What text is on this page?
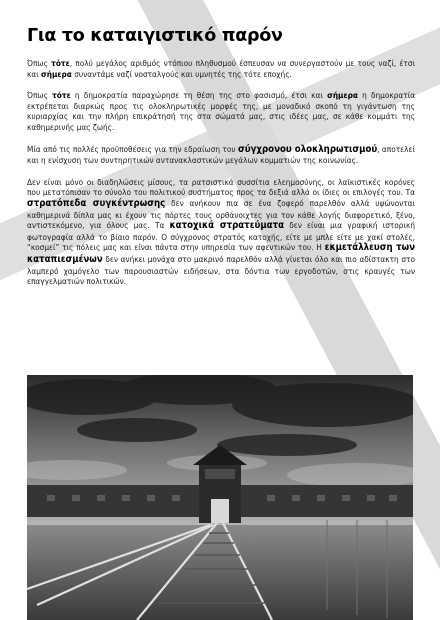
Για το καταιγιστικό παρόν

Όπως τότε, πολύ μεγάλος αριθμός ντόπιου πληθυσμού έσπευσαν να συνεργαστούν με τους ναζί, έτσι και σήμερα συναντάμε ναζί νοσταλγούς και υμνητές της τότε εποχής.

Όπως τότε η δημοκρατία παραχώρησε τη θέση της στο φασισμό, έτσι και σήμερα η δημοκρατία εκτρέπεται διαρκώς προς τις ολοκληρωτικές μορφές της, με μοναδικό σκοπό τη γιγάντωση της κυριαρχίας και την πλήρη επικράτησή της στα σώματά μας, στις ιδέες μας, σε κάθε κομμάτι της καθημερινής μας ζωής.

Μία από τις πολλές προϋποθέσεις για την εδραίωση του σύγχρονου ολοκληρωτισμού, αποτελεί και η ενίσχυση των συντηρητικών αντανακλαστικών μεγάλων κομματιών της κοινωνίας.

Δεν είναι μόνο οι διαδηλώσεις μίσους, τα ρατσιστικά συσσίτια ελεημοσύνης, οι λαϊκιστικές κορόνες που μετατόπισαν το σύνολο του πολιτικού συστήματος προς τα δεξιά αλλά οι ίδιες οι επιλογές του. Τα στρατόπεδα συγκέντρωσης δεν ανήκουν πια σε ένα ζοφερό παρελθόν αλλά υψώνονται καθημερινά δίπλα μας κι έχουν τις πόρτες τους ορθάνοιχτες για τον κάθε λογής διαφορετικό, ξένο, αντιστεκόμενο, για όλους μας. Τα κατοχικά στρατεύματα δεν είναι μια γραφική ιστορική φωτογραφία αλλά το βίαιο παρόν. Ο σύγχρονος στρατός κατοχής, είτε με μπλε είτε με χακί στολές, “κοσμεί” τις πόλεις μας και είναι πάντα στην υπηρεσία των αφεντικών του. Η εκμετάλλευση των καταπιεσμένων δεν ανήκει μονάχα στο μακρινό παρελθόν αλλά γίνεται όλο και πιο αδίστακτη στο λαμπερό χαμόγελο των παρουσιαστών ειδήσεων, στα δόντια των εργοδοτών, στις κραυγές των επαγγελματιών πολιτικών.
